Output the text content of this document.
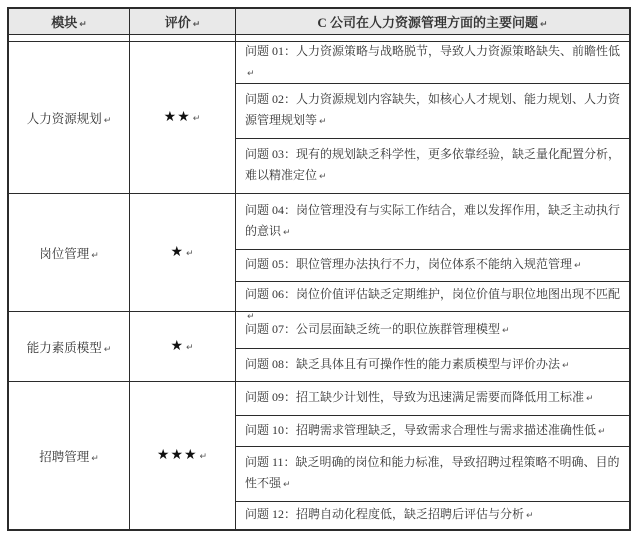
模块 ↵	评价 ↵	C 公司在人力资源管理方面的主要问题 ↵
人力资源规划 ↵	★★ ↵
问题 01：人力资源策略与战略脱节，导致人力资源策略缺失、前瞻性低↵
问题 02：人力资源规划内容缺失，如核心人才规划、能力规划、人力资源管理规划等 ↵
问题 03：现有的规划缺乏科学性，更多依靠经验，缺乏量化配置分析，难以精准定位 ↵
岗位管理 ↵	★ ↵
问题 04：岗位管理没有与实际工作结合，难以发挥作用，缺乏主动执行的意识 ↵
问题 05：职位管理办法执行不力，岗位体系不能纳入规范管理 ↵
问题 06：岗位价值评估缺乏定期维护，岗位价值与职位地图出现不匹配↵
能力素质模型 ↵	★ ↵
问题 07：公司层面缺乏统一的职位族群管理模型 ↵
问题 08：缺乏具体且有可操作性的能力素质模型与评价办法 ↵
招聘管理 ↵	★★★ ↵
问题 09：招工缺少计划性，导致为迅速满足需要而降低用工标准 ↵
问题 10：招聘需求管理缺乏，导致需求合理性与需求描述准确性低 ↵
问题 11：缺乏明确的岗位和能力标准，导致招聘过程策略不明确、目的性不强 ↵
问题 12：招聘自动化程度低，缺乏招聘后评估与分析 ↵
